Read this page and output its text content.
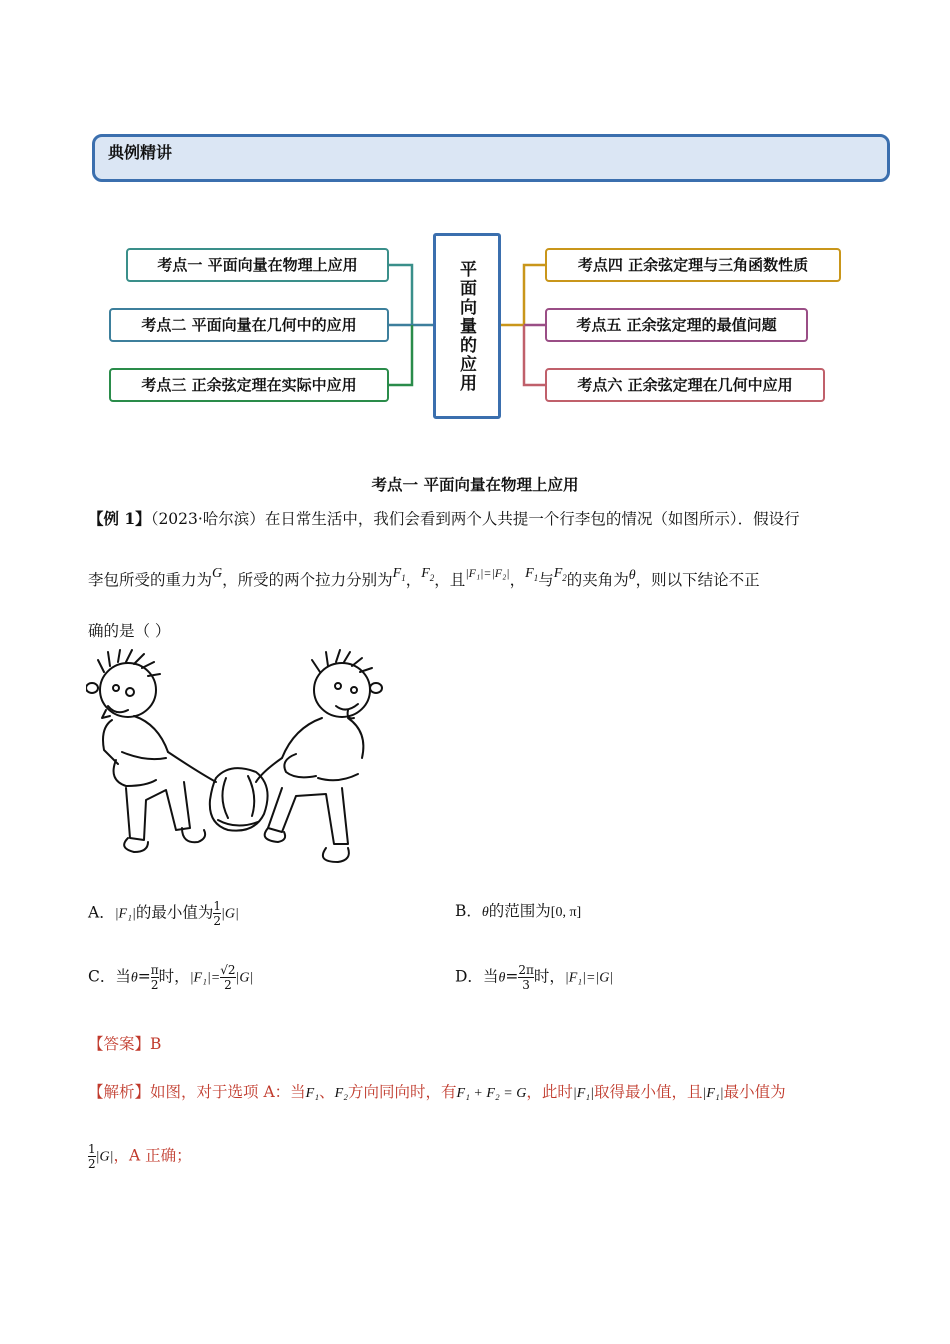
典例精讲
考点一 平面向量在物理上应用
考点二 平面向量在几何中的应用
考点三 正余弦定理在实际中应用	平面向量的应用	考点四 正余弦定理与三角函数性质
考点五 正余弦定理的最值问题
考点六 正余弦定理在几何中应用
考点一 平面向量在物理上应用
【例 1】（2023·哈尔滨）在日常生活中，我们会看到两个人共提一个行李包的情况（如图所示）．假设行
李包所受的重力为G，所受的两个拉力分别为$F_1$，$F_2$，且$^{|F_1|=|F_2|}$，$F_1$与$F_2$的夹角为θ，则以下结论不正
确的是（ ）
A．|F₁|的最小值为 $\frac{1}{2} |G|$	B．θ的范围为[0, π]
C．当$\theta= \frac{\pi}{2}$ 时，$|F_1|= \frac{√2}{2} |G|$	D．当$\theta= \frac{2\pi}{3}$ 时，|F₁|=|G|
【答案】B
【解析】如图，对于选项 A：当F₁、F₂方向同向时，有F₁ + F₂ = G，此时|F₁|取得最小值，且|F₁|最小值为
$\frac{1}{2} |G|$，A 正确；
